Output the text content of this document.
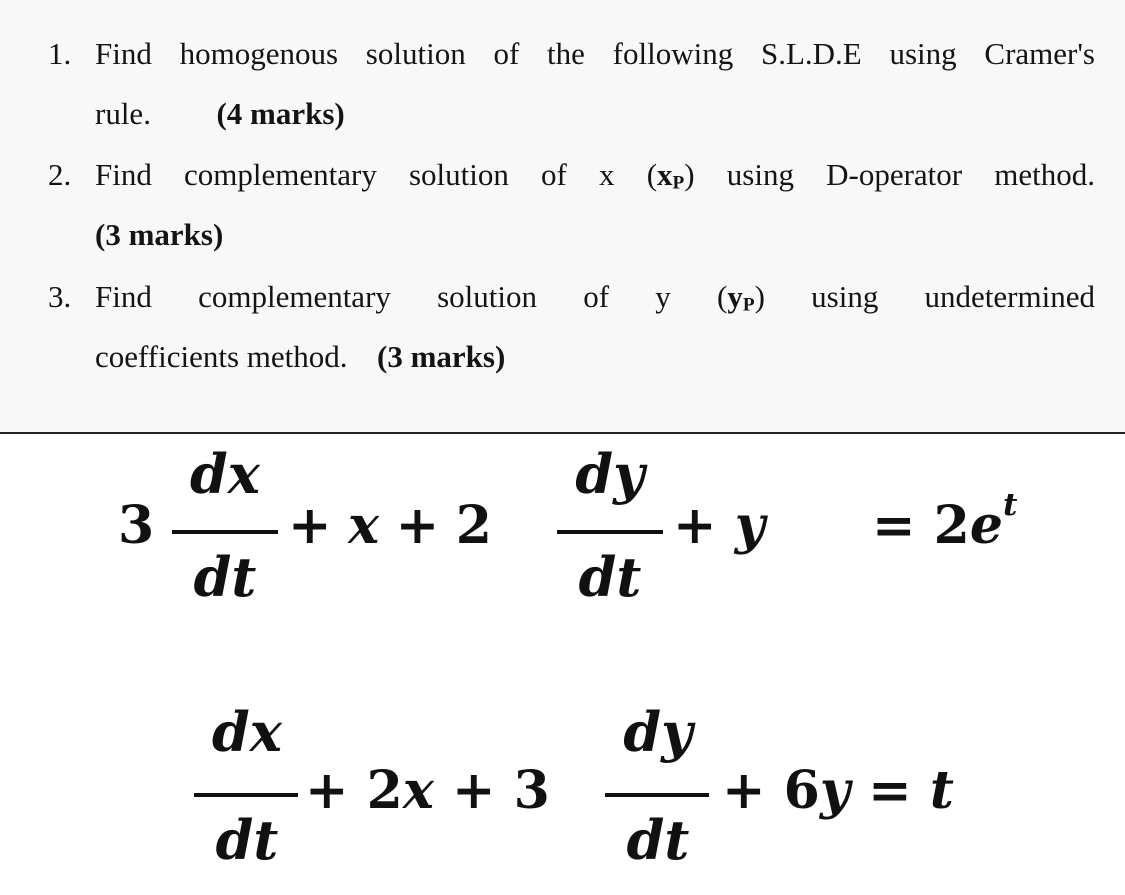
1. Find homogenous solution of the following S.L.D.E using Cramer's
rule. (4 marks)
2. Find complementary solution of x (xP) using D-operator method.
(3 marks)
3. Find complementary solution of y (yP) using undetermined
coefficients method. (3 marks)
3
dx
dt
+ x + 2
dy
dt
+ $y = 2e^t$
dx
dt
+ 2x + 3
dy
dt
+ 6y = t
